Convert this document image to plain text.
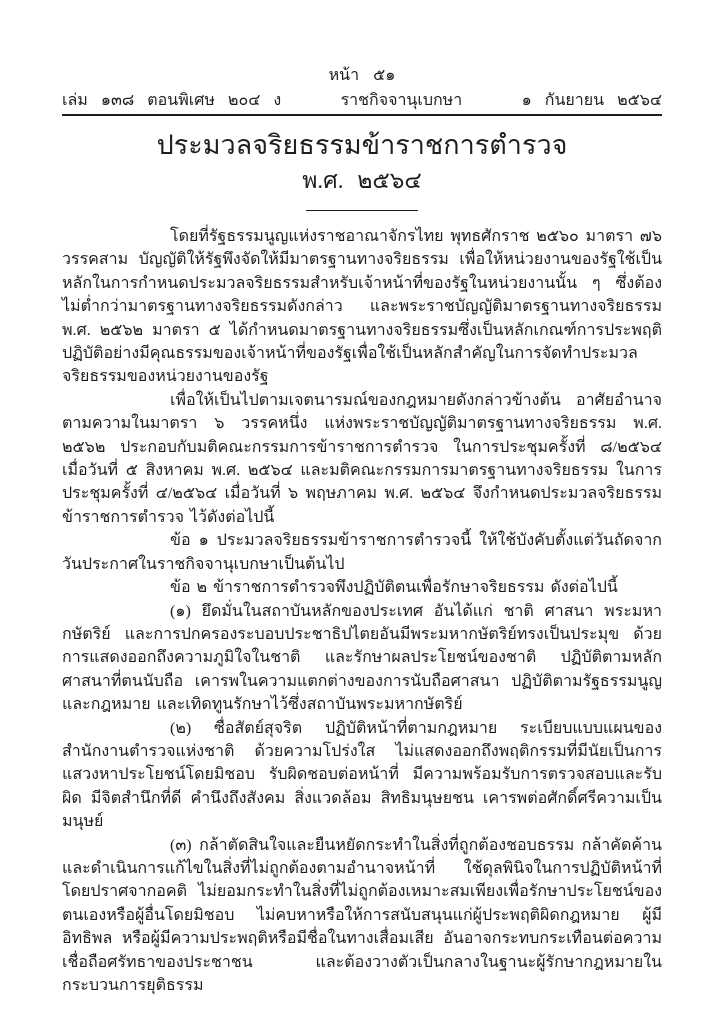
หน้า ๕๑
เล่ม ๑๓๘ ตอนพิเศษ ๒๐๔ ง	ราชกิจจานุเบกษา	๑ กันยายน ๒๕๖๔
ประมวลจริยธรรมข้าราชการตำรวจ
พ.ศ. ๒๕๖๔

โดยที่รัฐธรรมนูญแห่งราชอาณาจักรไทย พุทธศักราช ๒๕๖๐ มาตรา ๗๖ วรรคสาม บัญญัติให้รัฐพึงจัดให้มีมาตรฐานทางจริยธรรม เพื่อให้หน่วยงานของรัฐใช้เป็นหลักในการกำหนดประมวลจริยธรรมสำหรับเจ้าหน้าที่ของรัฐในหน่วยงานนั้น ๆ ซึ่งต้องไม่ต่ำกว่ามาตรฐานทางจริยธรรมดังกล่าว และพระราชบัญญัติมาตรฐานทางจริยธรรม พ.ศ. ๒๕๖๒ มาตรา ๕ ได้กำหนดมาตรฐานทางจริยธรรมซึ่งเป็นหลักเกณฑ์การประพฤติปฏิบัติอย่างมีคุณธรรมของเจ้าหน้าที่ของรัฐเพื่อใช้เป็นหลักสำคัญในการจัดทำประมวลจริยธรรมของหน่วยงานของรัฐ

เพื่อให้เป็นไปตามเจตนารมณ์ของกฎหมายดังกล่าวข้างต้น อาศัยอำนาจตามความในมาตรา ๖ วรรคหนึ่ง แห่งพระราชบัญญัติมาตรฐานทางจริยธรรม พ.ศ. ๒๕๖๒ ประกอบกับมติคณะกรรมการข้าราชการตำรวจ ในการประชุมครั้งที่ ๘/๒๕๖๔ เมื่อวันที่ ๕ สิงหาคม พ.ศ. ๒๕๖๔ และมติคณะกรรมการมาตรฐานทางจริยธรรม ในการประชุมครั้งที่ ๔/๒๕๖๔ เมื่อวันที่ ๖ พฤษภาคม พ.ศ. ๒๕๖๔ จึงกำหนดประมวลจริยธรรมข้าราชการตำรวจ ไว้ดังต่อไปนี้

ข้อ ๑ ประมวลจริยธรรมข้าราชการตำรวจนี้ ให้ใช้บังคับตั้งแต่วันถัดจากวันประกาศในราชกิจจานุเบกษาเป็นต้นไป

ข้อ ๒ ข้าราชการตำรวจพึงปฏิบัติตนเพื่อรักษาจริยธรรม ดังต่อไปนี้

(๑) ยึดมั่นในสถาบันหลักของประเทศ อันได้แก่ ชาติ ศาสนา พระมหากษัตริย์ และการปกครองระบอบประชาธิปไตยอันมีพระมหากษัตริย์ทรงเป็นประมุข ด้วยการแสดงออกถึงความภูมิใจในชาติ และรักษาผลประโยชน์ของชาติ ปฏิบัติตามหลักศาสนาที่ตนนับถือ เคารพในความแตกต่างของการนับถือศาสนา ปฏิบัติตามรัฐธรรมนูญและกฎหมาย และเทิดทูนรักษาไว้ซึ่งสถาบันพระมหากษัตริย์

(๒) ซื่อสัตย์สุจริต ปฏิบัติหน้าที่ตามกฎหมาย ระเบียบแบบแผนของสำนักงานตำรวจแห่งชาติ ด้วยความโปร่งใส ไม่แสดงออกถึงพฤติกรรมที่มีนัยเป็นการแสวงหาประโยชน์โดยมิชอบ รับผิดชอบต่อหน้าที่ มีความพร้อมรับการตรวจสอบและรับผิด มีจิตสำนึกที่ดี คำนึงถึงสังคม สิ่งแวดล้อม สิทธิมนุษยชน เคารพต่อศักดิ์ศรีความเป็นมนุษย์

(๓) กล้าตัดสินใจและยืนหยัดกระทำในสิ่งที่ถูกต้องชอบธรรม กล้าคัดค้านและดำเนินการแก้ไขในสิ่งที่ไม่ถูกต้องตามอำนาจหน้าที่ ใช้ดุลพินิจในการปฏิบัติหน้าที่โดยปราศจากอคติ ไม่ยอมกระทำในสิ่งที่ไม่ถูกต้องเหมาะสมเพียงเพื่อรักษาประโยชน์ของตนเองหรือผู้อื่นโดยมิชอบ ไม่คบหาหรือให้การสนับสนุนแก่ผู้ประพฤติผิดกฎหมาย ผู้มีอิทธิพล หรือผู้มีความประพฤติหรือมีชื่อในทางเสื่อมเสีย อันอาจกระทบกระเทือนต่อความเชื่อถือศรัทธาของประชาชน และต้องวางตัวเป็นกลางในฐานะผู้รักษากฎหมายในกระบวนการยุติธรรม
